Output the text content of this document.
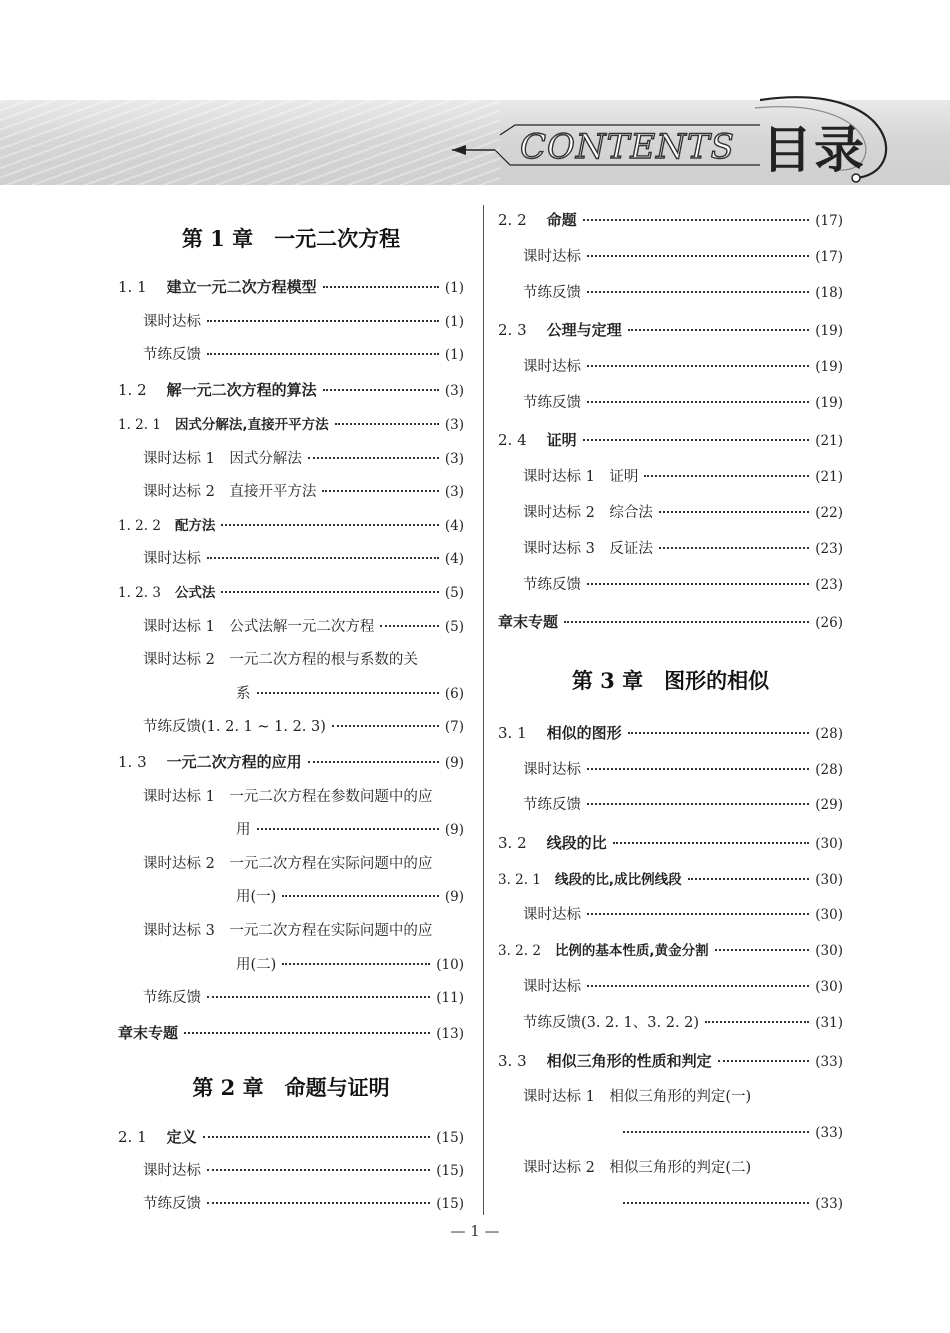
CONTENTS 目录
第 1 章　一元二次方程
1. 1 建立一元二次方程模型	(1)
课时达标	(1)
节练反馈	(1)
1. 2 解一元二次方程的算法	(3)
1. 2. 1 因式分解法,直接开平方法	(3)
课时达标 1　因式分解法	(3)
课时达标 2　直接开平方法	(3)
1. 2. 2 配方法	(4)
课时达标	(4)
1. 2. 3 公式法	(5)
课时达标 1　公式法解一元二次方程	(5)
课时达标 2　一元二次方程的根与系数的关
系	(6)
节练反馈(1. 2. 1 ~ 1. 2. 3)	(7)
1. 3 一元二次方程的应用	(9)
课时达标 1　一元二次方程在参数问题中的应
用	(9)
课时达标 2　一元二次方程在实际问题中的应
用(一)	(9)
课时达标 3　一元二次方程在实际问题中的应
用(二)	(10)
节练反馈	(11)
章末专题	(13)
第 2 章　命题与证明
2. 1 定义	(15)
课时达标	(15)
节练反馈	(15)
2. 2 命题	(17)
课时达标	(17)
节练反馈	(18)
2. 3 公理与定理	(19)
课时达标	(19)
节练反馈	(19)
2. 4 证明	(21)
课时达标 1　证明	(21)
课时达标 2　综合法	(22)
课时达标 3　反证法	(23)
节练反馈	(23)
章末专题	(26)
第 3 章　图形的相似
3. 1 相似的图形	(28)
课时达标	(28)
节练反馈	(29)
3. 2 线段的比	(30)
3. 2. 1 线段的比,成比例线段	(30)
课时达标	(30)
3. 2. 2 比例的基本性质,黄金分割	(30)
课时达标	(30)
节练反馈(3. 2. 1、3. 2. 2)	(31)
3. 3 相似三角形的性质和判定	(33)
课时达标 1　相似三角形的判定(一)
(33)
课时达标 2　相似三角形的判定(二)
(33)
— 1 —
